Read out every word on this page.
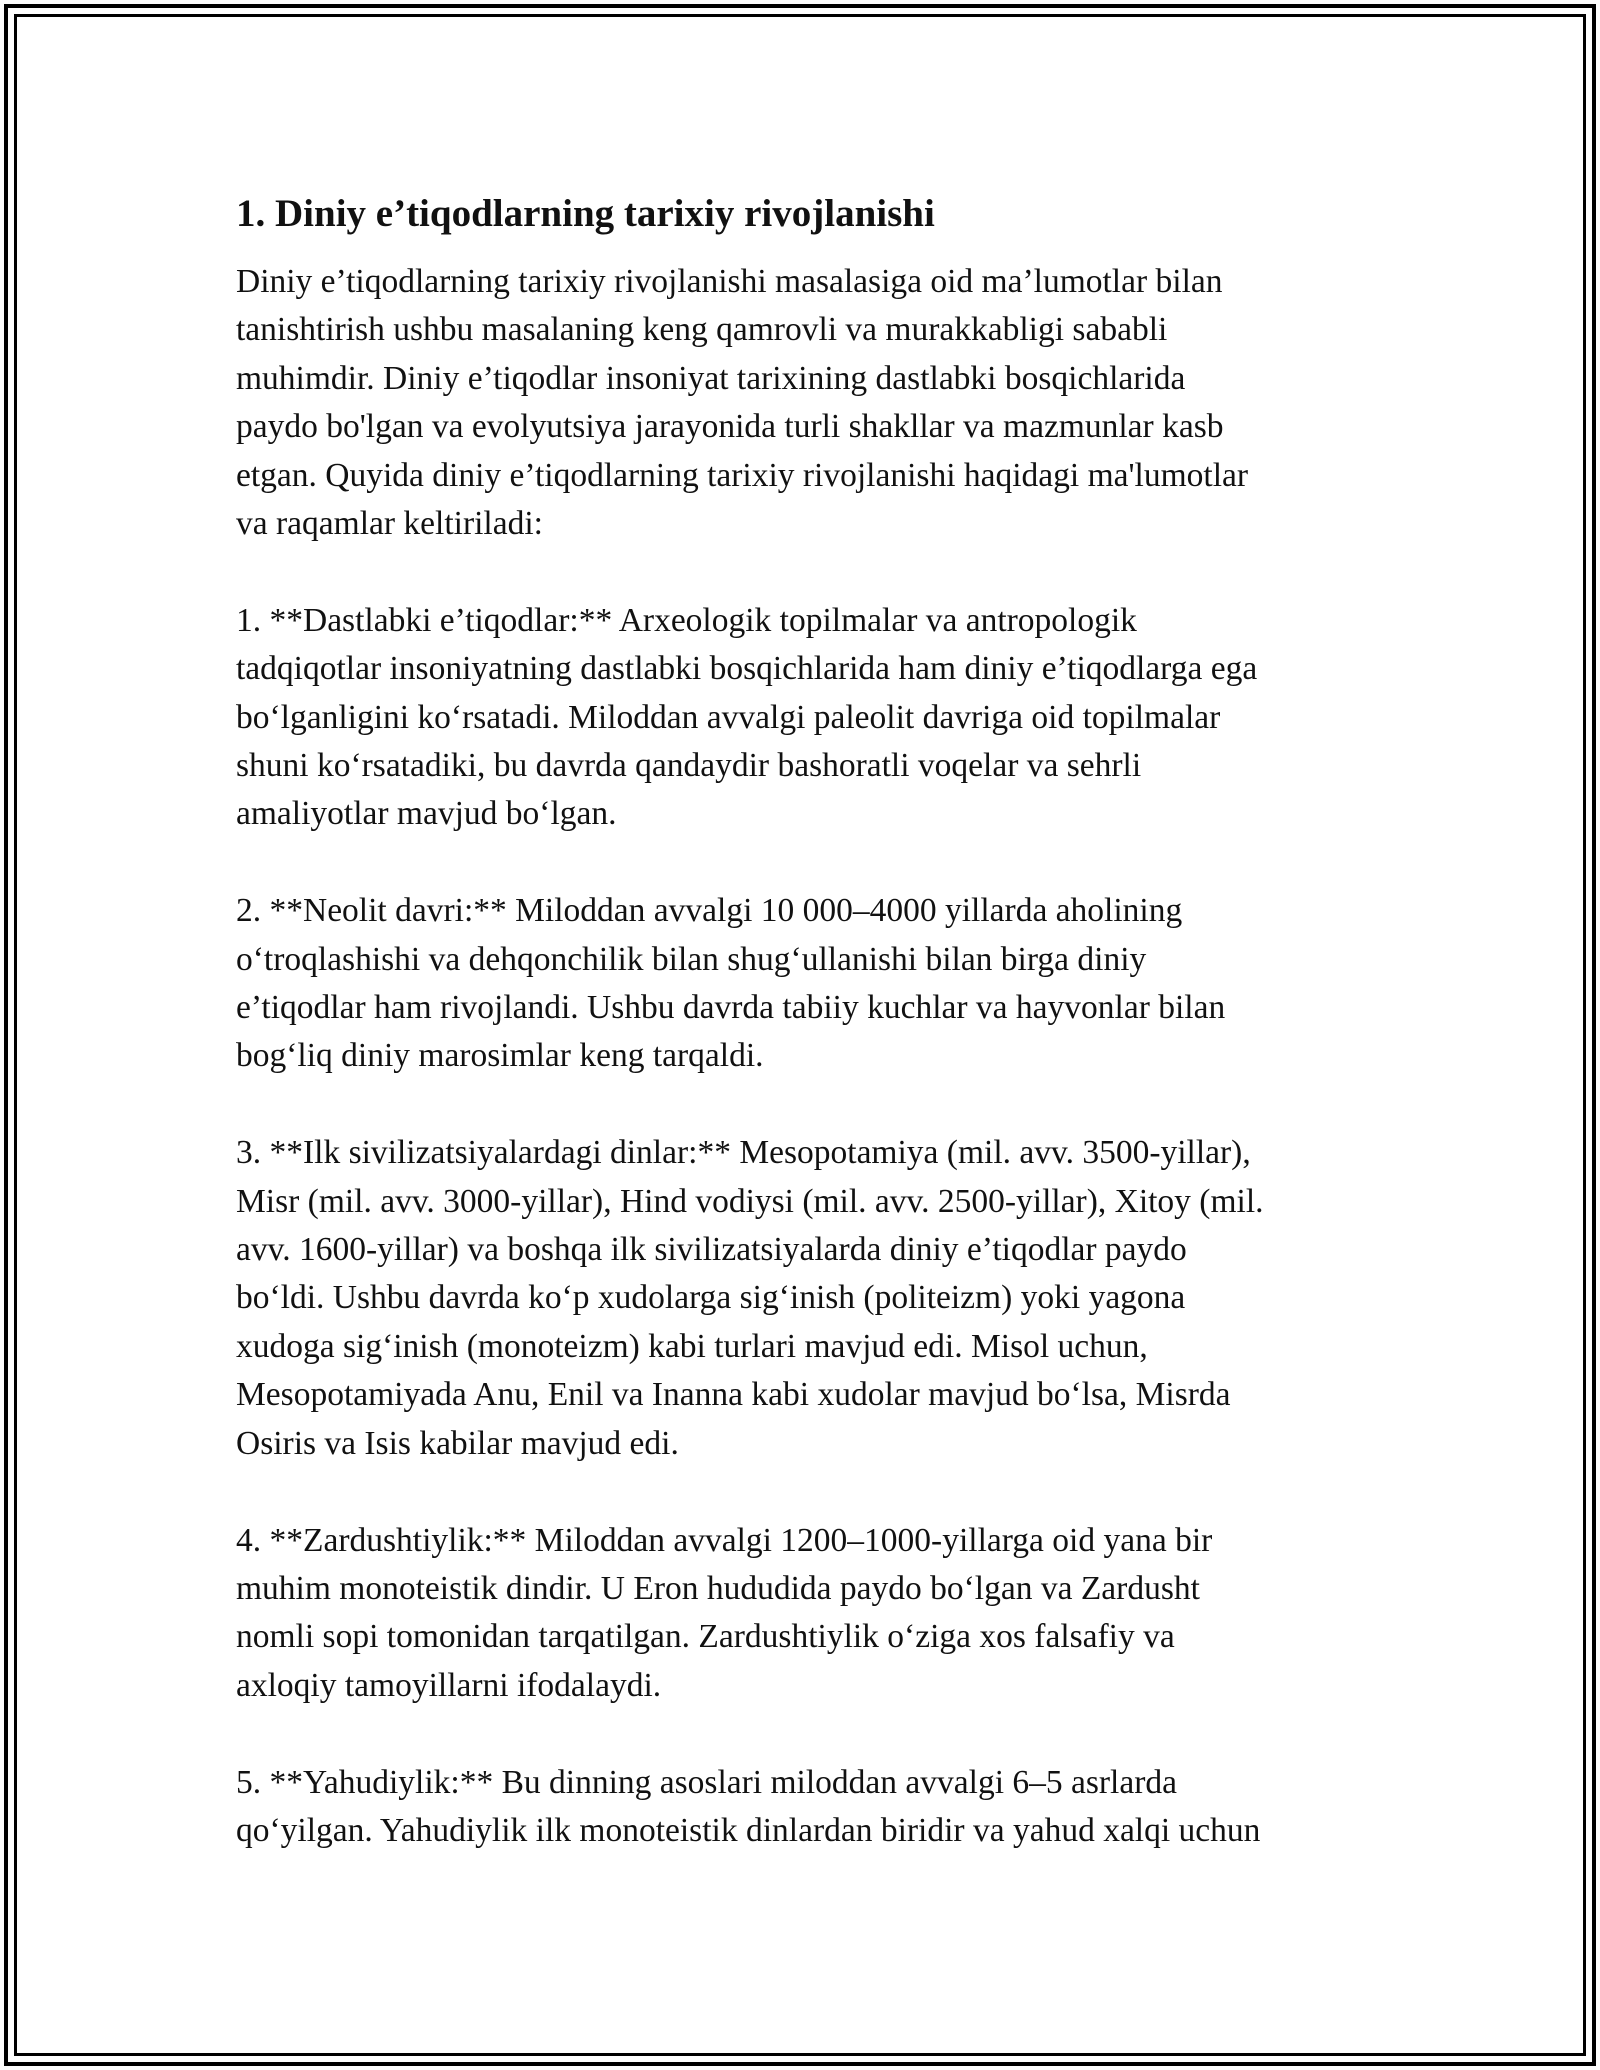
1. Diniy e’tiqodlarning tarixiy rivojlanishi
Diniy e’tiqodlarning tarixiy rivojlanishi masalasiga oid ma’lumotlar bilan
tanishtirish ushbu masalaning keng qamrovli va murakkabligi sababli
muhimdir. Diniy e’tiqodlar insoniyat tarixining dastlabki bosqichlarida
paydo bo'lgan va evolyutsiya jarayonida turli shakllar va mazmunlar kasb
etgan. Quyida diniy e’tiqodlarning tarixiy rivojlanishi haqidagi ma'lumotlar
va raqamlar keltiriladi:
1. **Dastlabki e’tiqodlar:** Arxeologik topilmalar va antropologik
tadqiqotlar insoniyatning dastlabki bosqichlarida ham diniy e’tiqodlarga ega
bo‘lganligini ko‘rsatadi. Miloddan avvalgi paleolit davriga oid topilmalar
shuni ko‘rsatadiki, bu davrda qandaydir bashoratli voqelar va sehrli
amaliyotlar mavjud bo‘lgan.
2. **Neolit davri:** Miloddan avvalgi 10 000–4000 yillarda aholining
o‘troqlashishi va dehqonchilik bilan shug‘ullanishi bilan birga diniy
e’tiqodlar ham rivojlandi. Ushbu davrda tabiiy kuchlar va hayvonlar bilan
bog‘liq diniy marosimlar keng tarqaldi.
3. **Ilk sivilizatsiyalardagi dinlar:** Mesopotamiya (mil. avv. 3500-yillar),
Misr (mil. avv. 3000-yillar), Hind vodiysi (mil. avv. 2500-yillar), Xitoy (mil.
avv. 1600-yillar) va boshqa ilk sivilizatsiyalarda diniy e’tiqodlar paydo
bo‘ldi. Ushbu davrda ko‘p xudolarga sig‘inish (politeizm) yoki yagona
xudoga sig‘inish (monoteizm) kabi turlari mavjud edi. Misol uchun,
Mesopotamiyada Anu, Enil va Inanna kabi xudolar mavjud bo‘lsa, Misrda
Osiris va Isis kabilar mavjud edi.
4. **Zardushtiylik:** Miloddan avvalgi 1200–1000-yillarga oid yana bir
muhim monoteistik dindir. U Eron hududida paydo bo‘lgan va Zardusht
nomli sopi tomonidan tarqatilgan. Zardushtiylik o‘ziga xos falsafiy va
axloqiy tamoyillarni ifodalaydi.
5. **Yahudiylik:** Bu dinning asoslari miloddan avvalgi 6–5 asrlarda
qo‘yilgan. Yahudiylik ilk monoteistik dinlardan biridir va yahud xalqi uchun
